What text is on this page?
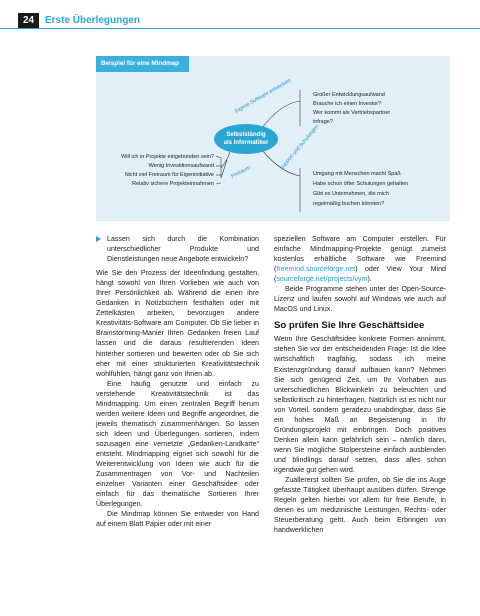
24	Erste Überlegungen
Beispiel für eine Mindmap
Selbstständig
als Informatiker
Eigene Software entwickeln
Freiraum
Support und Schulungen
Will ich in Projekte eingebunden sein?
Wenig Investitionsaufwand
Nicht viel Freiraum für Eigeninitiative
Relativ sichere Projekteinnahmen
Großer Entwicklungsaufwand
Brauche ich einen Investor?
Wer kommt als Vertriebspartner
infrage?
Umgang mit Menschen macht Spaß
Habe schon öfter Schulungen gehalten
Gibt es Unternehmen, die mich
regelmäßig buchen könnten?

Lassen sich durch die Kombination unterschiedlicher Produkte und Dienstleistungen neue Angebote entwickeln?

Wie Sie den Prozess der Ideenfindung gestalten, hängt sowohl von Ihren Vorlieben wie auch von Ihrer Persönlichkeit ab. Während die einen ihre Gedanken in Notizbüchern festhalten oder mit Zettelkästen arbeiten, bevorzugen andere Kreativitäts-Software am Computer. Ob Sie lieber in Brainstorming-Manier Ihren Gedanken freien Lauf lassen und die daraus resultierenden Ideen hinterher sortieren und bewerten oder ob Sie sich eher mit einer strukturierten Kreativitätstechnik wohlfühlen, hängt ganz von Ihnen ab.

Eine häufig genutzte und einfach zu verstehende Kreativitätstechnik ist das Mindmapping. Um einen zentralen Begriff herum werden weitere Ideen und Begriffe angeordnet, die jeweils thematisch zusammenhängen. So lassen sich Ideen und Überlegungen sortieren, indem sozusagen eine vernetzte „Gedanken-Landkarte“ entsteht. Mindmapping eignet sich sowohl für die Weiterentwicklung von Ideen wie auch für die Zusammentragen von Vor- und Nachteilen einzelner Varianten einer Geschäftsidee oder einfach für das thematische Sortieren Ihrer Überlegungen.

Die Mindmap können Sie entweder von Hand auf einem Blatt Papier oder mit einer

speziellen Software am Computer erstellen. Für einfache Mindmapping-Projekte genügt zumeist kostenlos erhältliche Software wie Freemind (freemind.sourceforge.net) oder View Your Mind (sourceforge.net/projects/vym).

Beide Programme stehen unter der Open-Source-Lizenz und laufen sowohl auf Windows wie auch auf MacOS und Linux.

So prüfen Sie Ihre Geschäftsidee

Wenn Ihre Geschäftsidee konkrete Formen annimmt, stehen Sie vor der entscheidenden Frage: Ist die Idee wirtschaftlich tragfähig, sodass ich meine Existenzgründung darauf aufbauen kann? Nehmen Sie sich genügend Zeit, um Ihr Vorhaben aus unterschiedlichen Blickwinkeln zu beleuchten und selbstkritisch zu hinterfragen. Natürlich ist es nicht nur von Vorteil, sondern geradezu unabdingbar, dass Sie ein hohes Maß an Begeisterung in Ihr Gründungsprojekt mit einbringen. Doch positives Denken allein kann gefährlich sein – nämlich dann, wenn Sie mögliche Stolpersteine einfach ausblenden und blindlings darauf setzen, dass alles schon irgendwie gut gehen wird.

Zuallererst sollten Sie prüfen, ob Sie die ins Auge gefasste Tätigkeit überhaupt ausüben dürfen. Strenge Regeln gelten hierbei vor allem für freie Berufe, in denen es um medizinische Leistungen, Rechts- oder Steuerberatung geht. Auch beim Erbringen von handwerklichen
